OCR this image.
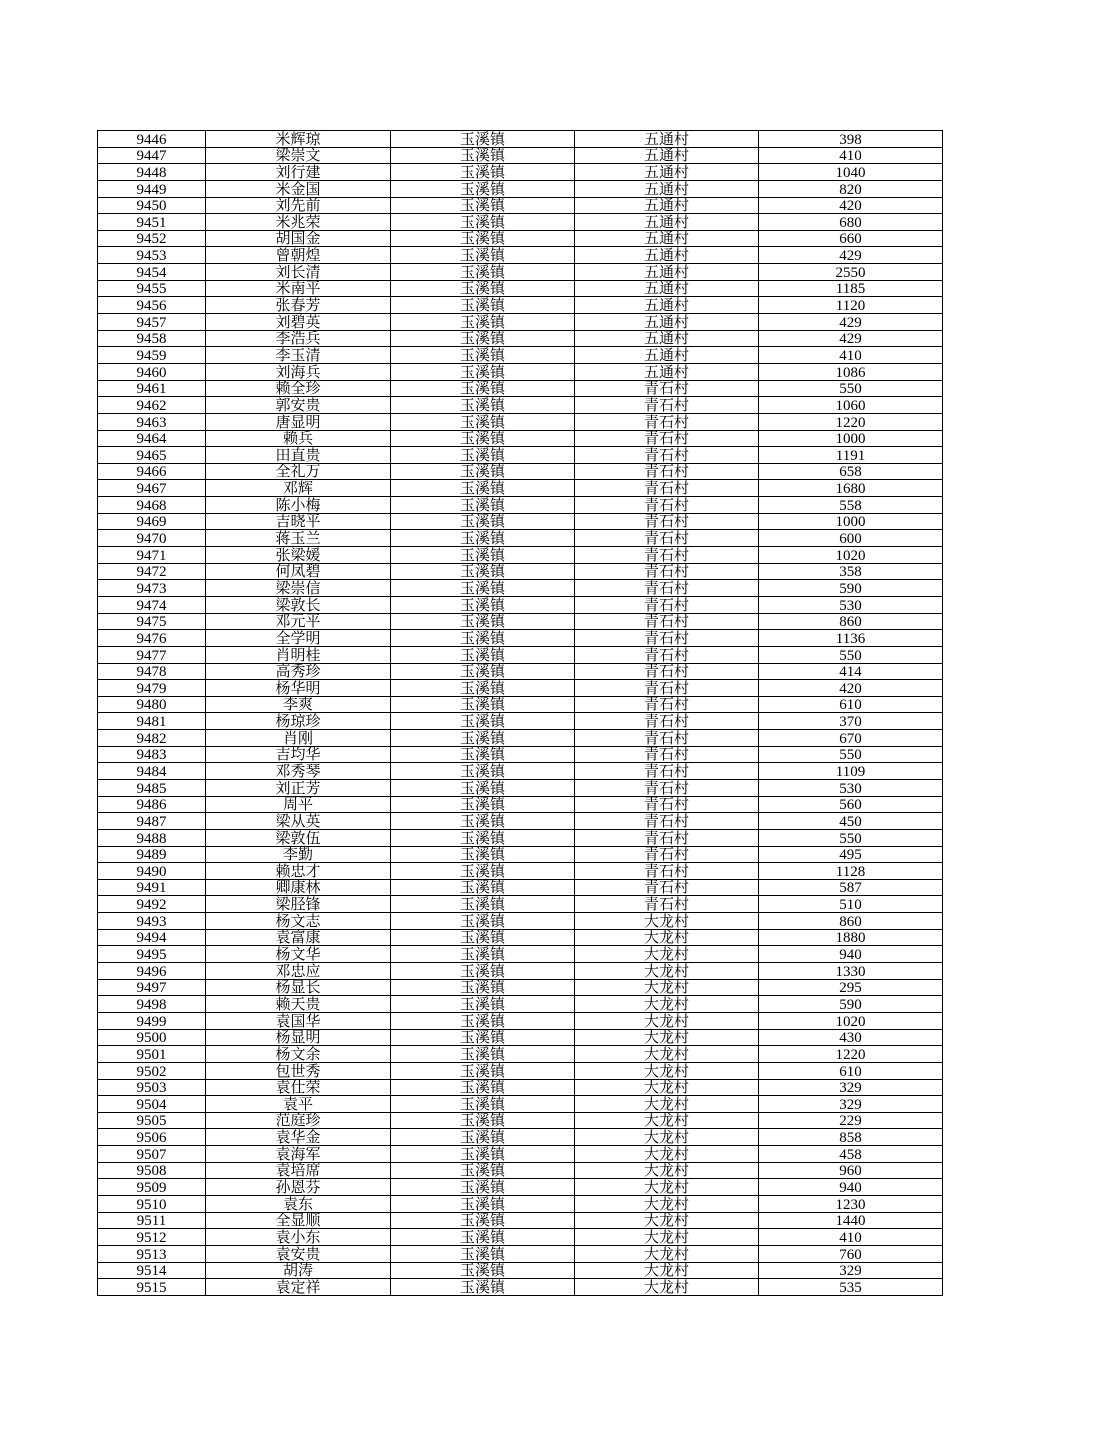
9446	米辉琼	玉溪镇	五通村	398
9447	梁崇文	玉溪镇	五通村	410
9448	刘行建	玉溪镇	五通村	1040
9449	米金国	玉溪镇	五通村	820
9450	刘先前	玉溪镇	五通村	420
9451	米兆荣	玉溪镇	五通村	680
9452	胡国金	玉溪镇	五通村	660
9453	曾朝煌	玉溪镇	五通村	429
9454	刘长清	玉溪镇	五通村	2550
9455	米南平	玉溪镇	五通村	1185
9456	张春芳	玉溪镇	五通村	1120
9457	刘碧英	玉溪镇	五通村	429
9458	李浩兵	玉溪镇	五通村	429
9459	李玉清	玉溪镇	五通村	410
9460	刘海兵	玉溪镇	五通村	1086
9461	赖全珍	玉溪镇	青石村	550
9462	郭安贵	玉溪镇	青石村	1060
9463	唐显明	玉溪镇	青石村	1220
9464	赖兵	玉溪镇	青石村	1000
9465	田直贵	玉溪镇	青石村	1191
9466	全礼万	玉溪镇	青石村	658
9467	邓辉	玉溪镇	青石村	1680
9468	陈小梅	玉溪镇	青石村	558
9469	吉晓平	玉溪镇	青石村	1000
9470	蒋玉兰	玉溪镇	青石村	600
9471	张梁媛	玉溪镇	青石村	1020
9472	何凤碧	玉溪镇	青石村	358
9473	梁崇信	玉溪镇	青石村	590
9474	梁敦长	玉溪镇	青石村	530
9475	邓元平	玉溪镇	青石村	860
9476	全学明	玉溪镇	青石村	1136
9477	肖明桂	玉溪镇	青石村	550
9478	高秀珍	玉溪镇	青石村	414
9479	杨华明	玉溪镇	青石村	420
9480	李爽	玉溪镇	青石村	610
9481	杨琼珍	玉溪镇	青石村	370
9482	肖刚	玉溪镇	青石村	670
9483	吉均华	玉溪镇	青石村	550
9484	邓秀琴	玉溪镇	青石村	1109
9485	刘正芳	玉溪镇	青石村	530
9486	周平	玉溪镇	青石村	560
9487	梁从英	玉溪镇	青石村	450
9488	梁敦伍	玉溪镇	青石村	550
9489	李勤	玉溪镇	青石村	495
9490	赖忠才	玉溪镇	青石村	1128
9491	卿康林	玉溪镇	青石村	587
9492	梁胫锋	玉溪镇	青石村	510
9493	杨文志	玉溪镇	大龙村	860
9494	袁富康	玉溪镇	大龙村	1880
9495	杨文华	玉溪镇	大龙村	940
9496	邓忠应	玉溪镇	大龙村	1330
9497	杨显长	玉溪镇	大龙村	295
9498	赖天贵	玉溪镇	大龙村	590
9499	袁国华	玉溪镇	大龙村	1020
9500	杨显明	玉溪镇	大龙村	430
9501	杨文余	玉溪镇	大龙村	1220
9502	包世秀	玉溪镇	大龙村	610
9503	袁仕荣	玉溪镇	大龙村	329
9504	袁平	玉溪镇	大龙村	329
9505	范庭珍	玉溪镇	大龙村	229
9506	袁华金	玉溪镇	大龙村	858
9507	袁海军	玉溪镇	大龙村	458
9508	袁培席	玉溪镇	大龙村	960
9509	孙恩芬	玉溪镇	大龙村	940
9510	袁东	玉溪镇	大龙村	1230
9511	全显顺	玉溪镇	大龙村	1440
9512	袁小东	玉溪镇	大龙村	410
9513	袁安贵	玉溪镇	大龙村	760
9514	胡涛	玉溪镇	大龙村	329
9515	袁定祥	玉溪镇	大龙村	535
